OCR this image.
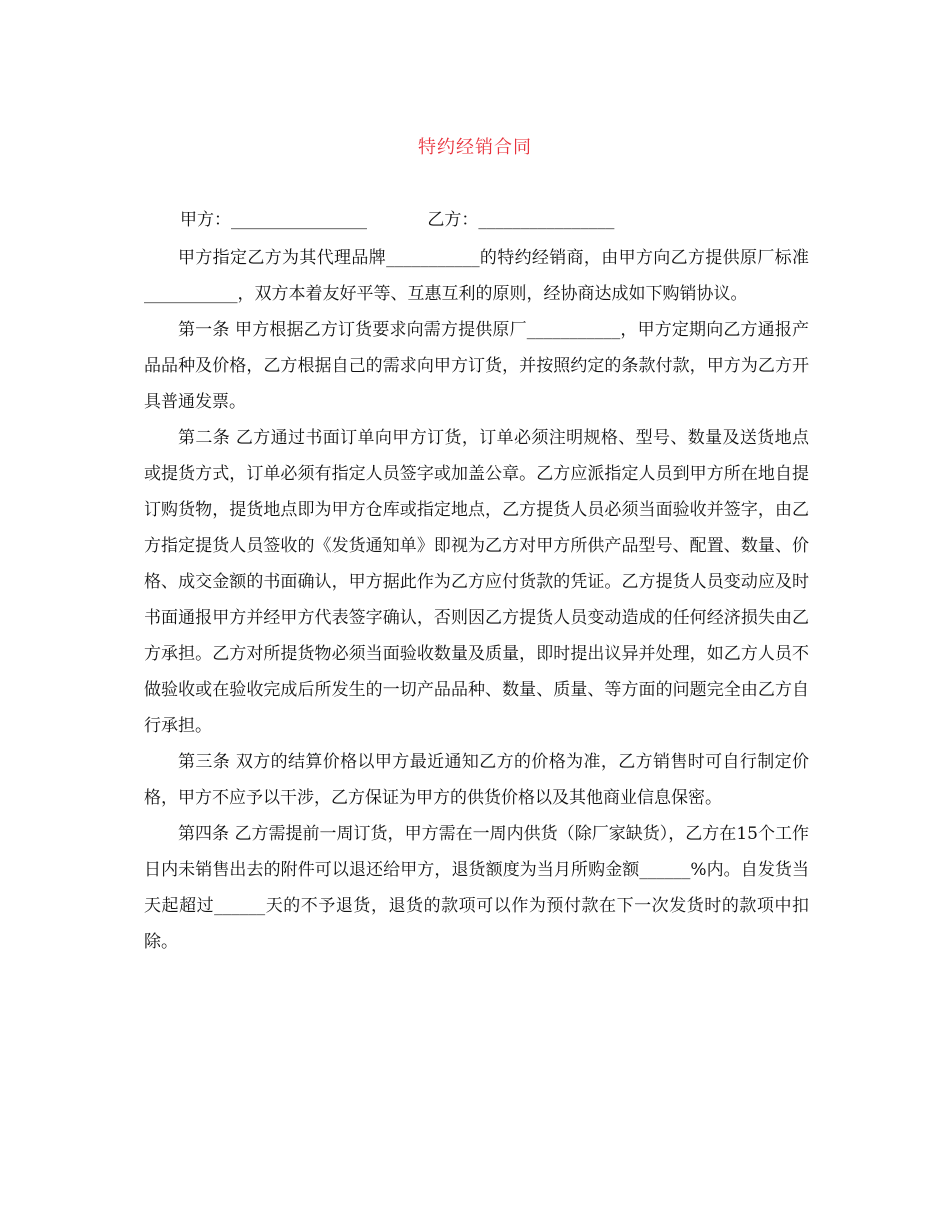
特约经销合同
甲方：________________	乙方：________________

甲方指定乙方为其代理品牌___________的特约经销商，由甲方向乙方提供原厂标准___________，双方本着友好平等、互惠互利的原则，经协商达成如下购销协议。

第一条 甲方根据乙方订货要求向需方提供原厂___________，甲方定期向乙方通报产品品种及价格，乙方根据自己的需求向甲方订货，并按照约定的条款付款，甲方为乙方开具普通发票。

第二条 乙方通过书面订单向甲方订货，订单必须注明规格、型号、数量及送货地点或提货方式，订单必须有指定人员签字或加盖公章。乙方应派指定人员到甲方所在地自提订购货物，提货地点即为甲方仓库或指定地点，乙方提货人员必须当面验收并签字，由乙方指定提货人员签收的《发货通知单》即视为乙方对甲方所供产品型号、配置、数量、价格、成交金额的书面确认，甲方据此作为乙方应付货款的凭证。乙方提货人员变动应及时书面通报甲方并经甲方代表签字确认，否则因乙方提货人员变动造成的任何经济损失由乙方承担。乙方对所提货物必须当面验收数量及质量，即时提出议异并处理，如乙方人员不做验收或在验收完成后所发生的一切产品品种、数量、质量、等方面的问题完全由乙方自行承担。

第三条 双方的结算价格以甲方最近通知乙方的价格为准，乙方销售时可自行制定价格，甲方不应予以干涉，乙方保证为甲方的供货价格以及其他商业信息保密。

第四条 乙方需提前一周订货，甲方需在一周内供货（除厂家缺货），乙方在15个工作日内未销售出去的附件可以退还给甲方，退货额度为当月所购金额______%内。自发货当天起超过______天的不予退货，退货的款项可以作为预付款在下一次发货时的款项中扣除。
